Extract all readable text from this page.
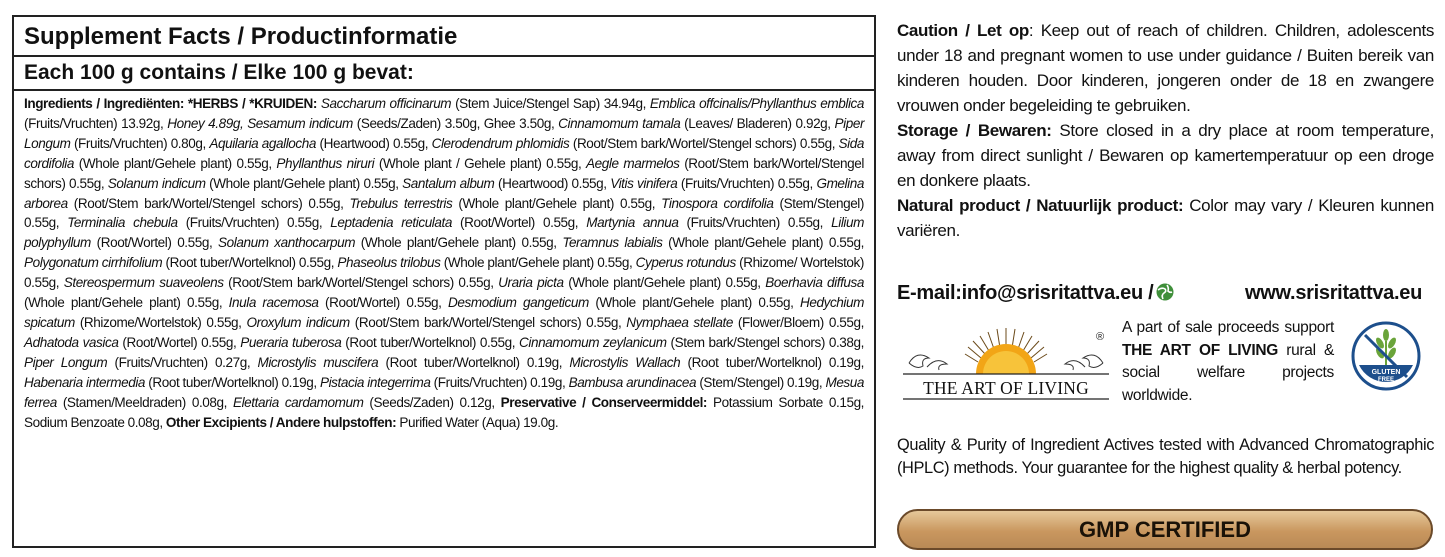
Supplement Facts / Productinformatie
Each 100 g contains / Elke 100 g bevat:
Ingredients / Ingrediënten: *HERBS / *KRUIDEN: Saccharum officinarum (Stem Juice/Stengel Sap) 34.94g, Emblica offcinalis/Phyllanthus emblica (Fruits/Vruchten) 13.92g, Honey 4.89g, Sesamum indicum (Seeds/Zaden) 3.50g, Ghee 3.50g, Cinnamomum tamala (Leaves/ Bladeren) 0.92g, Piper Longum (Fruits/Vruchten) 0.80g, Aquilaria agallocha (Heartwood) 0.55g, Clerodendrum phlomidis (Root/Stem bark/Wortel/Stengel schors) 0.55g, Sida cordifolia (Whole plant/Gehele plant) 0.55g, Phyllanthus niruri (Whole plant / Gehele plant) 0.55g, Aegle marmelos (Root/Stem bark/Wortel/Stengel schors) 0.55g, Solanum indicum (Whole plant/Gehele plant) 0.55g, Santalum album (Heartwood) 0.55g, Vitis vinifera (Fruits/Vruchten) 0.55g, Gmelina arborea (Root/Stem bark/Wortel/Stengel schors) 0.55g, Trebulus terrestris (Whole plant/Gehele plant) 0.55g, Tinospora cordifolia (Stem/Stengel) 0.55g, Terminalia chebula (Fruits/Vruchten) 0.55g, Leptadenia reticulata (Root/Wortel) 0.55g, Martynia annua (Fruits/Vruchten) 0.55g, Lilium polyphyllum (Root/Wortel) 0.55g, Solanum xanthocarpum (Whole plant/Gehele plant) 0.55g, Teramnus labialis (Whole plant/Gehele plant) 0.55g, Polygonatum cirrhifolium (Root tuber/Wortelknol) 0.55g, Phaseolus trilobus (Whole plant/Gehele plant) 0.55g, Cyperus rotundus (Rhizome/ Wortelstok) 0.55g, Stereospermum suaveolens (Root/Stem bark/Wortel/Stengel schors) 0.55g, Uraria picta (Whole plant/Gehele plant) 0.55g, Boerhavia diffusa (Whole plant/Gehele plant) 0.55g, Inula racemosa (Root/Wortel) 0.55g, Desmodium gangeticum (Whole plant/Gehele plant) 0.55g, Hedychium spicatum (Rhizome/Wortelstok) 0.55g, Oroxylum indicum (Root/Stem bark/Wortel/Stengel schors) 0.55g, Nymphaea stellate (Flower/Bloem) 0.55g, Adhatoda vasica (Root/Wortel) 0.55g, Pueraria tuberosa (Root tuber/Wortelknol) 0.55g, Cinnamomum zeylanicum (Stem bark/Stengel schors) 0.38g, Piper Longum (Fruits/Vruchten) 0.27g, Microstylis muscifera (Root tuber/Wortelknol) 0.19g, Microstylis Wallach (Root tuber/Wortelknol) 0.19g, Habenaria intermedia (Root tuber/Wortelknol) 0.19g, Pistacia integerrima (Fruits/Vruchten) 0.19g, Bambusa arundinacea (Stem/Stengel) 0.19g, Mesua ferrea (Stamen/Meeldraden) 0.08g, Elettaria cardamomum (Seeds/Zaden) 0.12g, Preservative / Conserveermiddel: Potassium Sorbate 0.15g, Sodium Benzoate 0.08g, Other Excipients / Andere hulpstoffen: Purified Water (Aqua) 19.0g.
Caution / Let op: Keep out of reach of children. Children, adolescents under 18 and pregnant women to use under guidance / Buiten bereik van kinderen houden. Door kinderen, jongeren onder de 18 en zwangere vrouwen onder begeleiding te gebruiken.
Storage / Bewaren: Store closed in a dry place at room temperature, away from direct sunlight / Bewaren op kamertemperatuur op een droge en donkere plaats.
Natural product / Natuurlijk product: Color may vary / Kleuren kunnen variëren.
E-mail:info@srisritattva.eu /	www.srisritattva.eu
®
THE ART OF LIVING
A part of sale proceeds support THE ART OF LIVING rural & social welfare projects worldwide.
GLUTEN
FREE
Quality & Purity of Ingredient Actives tested with Advanced Chromatographic (HPLC) methods. Your guarantee for the highest quality & herbal potency.
GMP CERTIFIED
